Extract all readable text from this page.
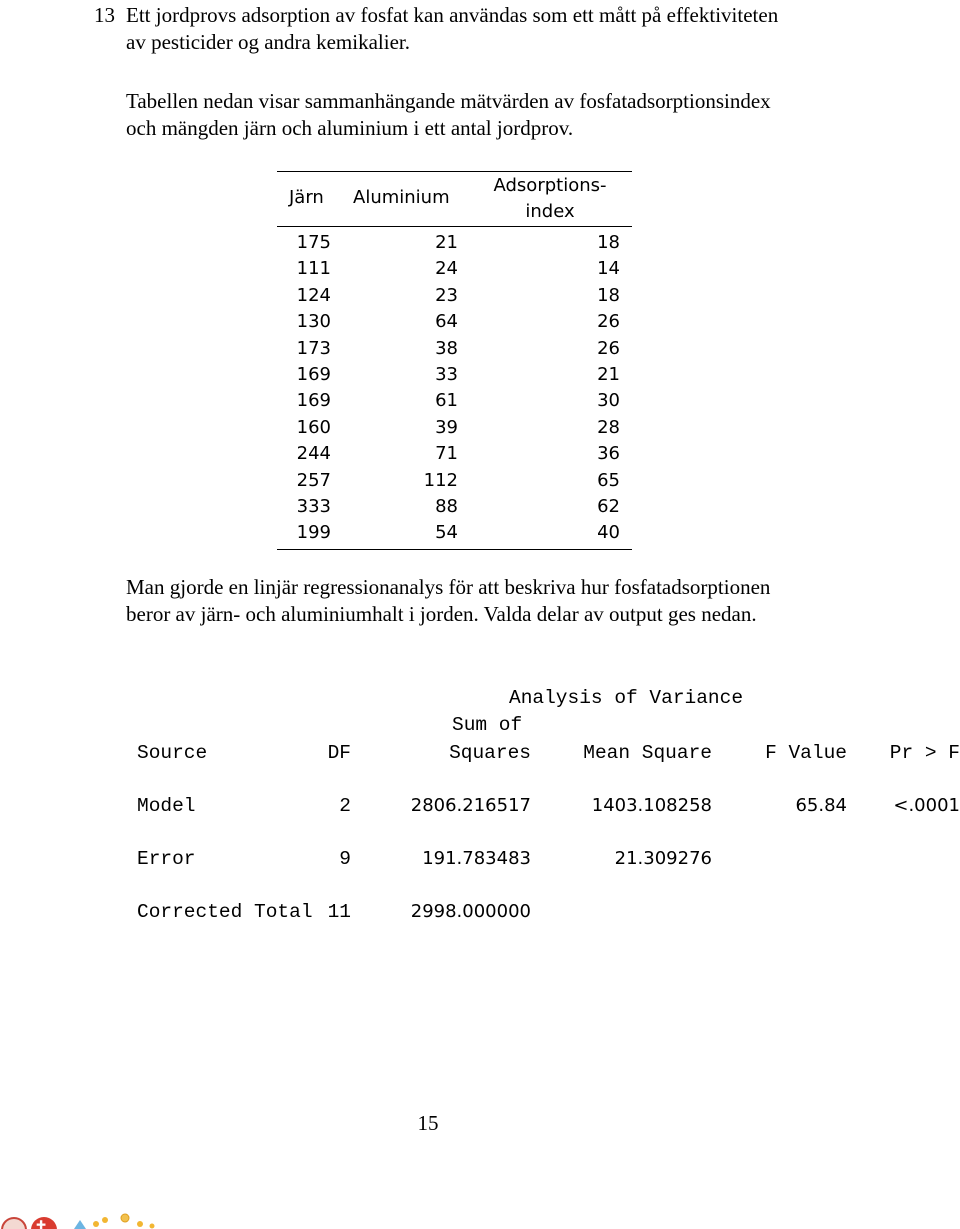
13 Ett jordprovs adsorption av fosfat kan användas som ett mått på effektiviteten av pesticider og andra kemikalier.

Tabellen nedan visar sammanhängande mätvärden av fosfatadsorptionsindex och mängden järn och aluminium i ett antal jordprov.

Järn Aluminium
Adsorptions-
index
175	21	18
111	24	14
124	23	18
130	64	26
173	38	26
169	33	21
169	61	30
160	39	28
244	71	36
257	112	65
333	88	62
199	54	40

Man gjorde en linjär regressionanalys för att beskriva hur fosfatadsorptionen beror av järn- och aluminiumhalt i jorden. Valda delar av output ges nedan.

Analysis of Variance
Sum of
Source	DF	Squares	Mean Square	F Value Pr > F
Model	2	2806.216517	1403.108258	65.84	<.0001
Error	9	191.783483	21.309276
Corrected Total 11	2998.000000
15
✚
